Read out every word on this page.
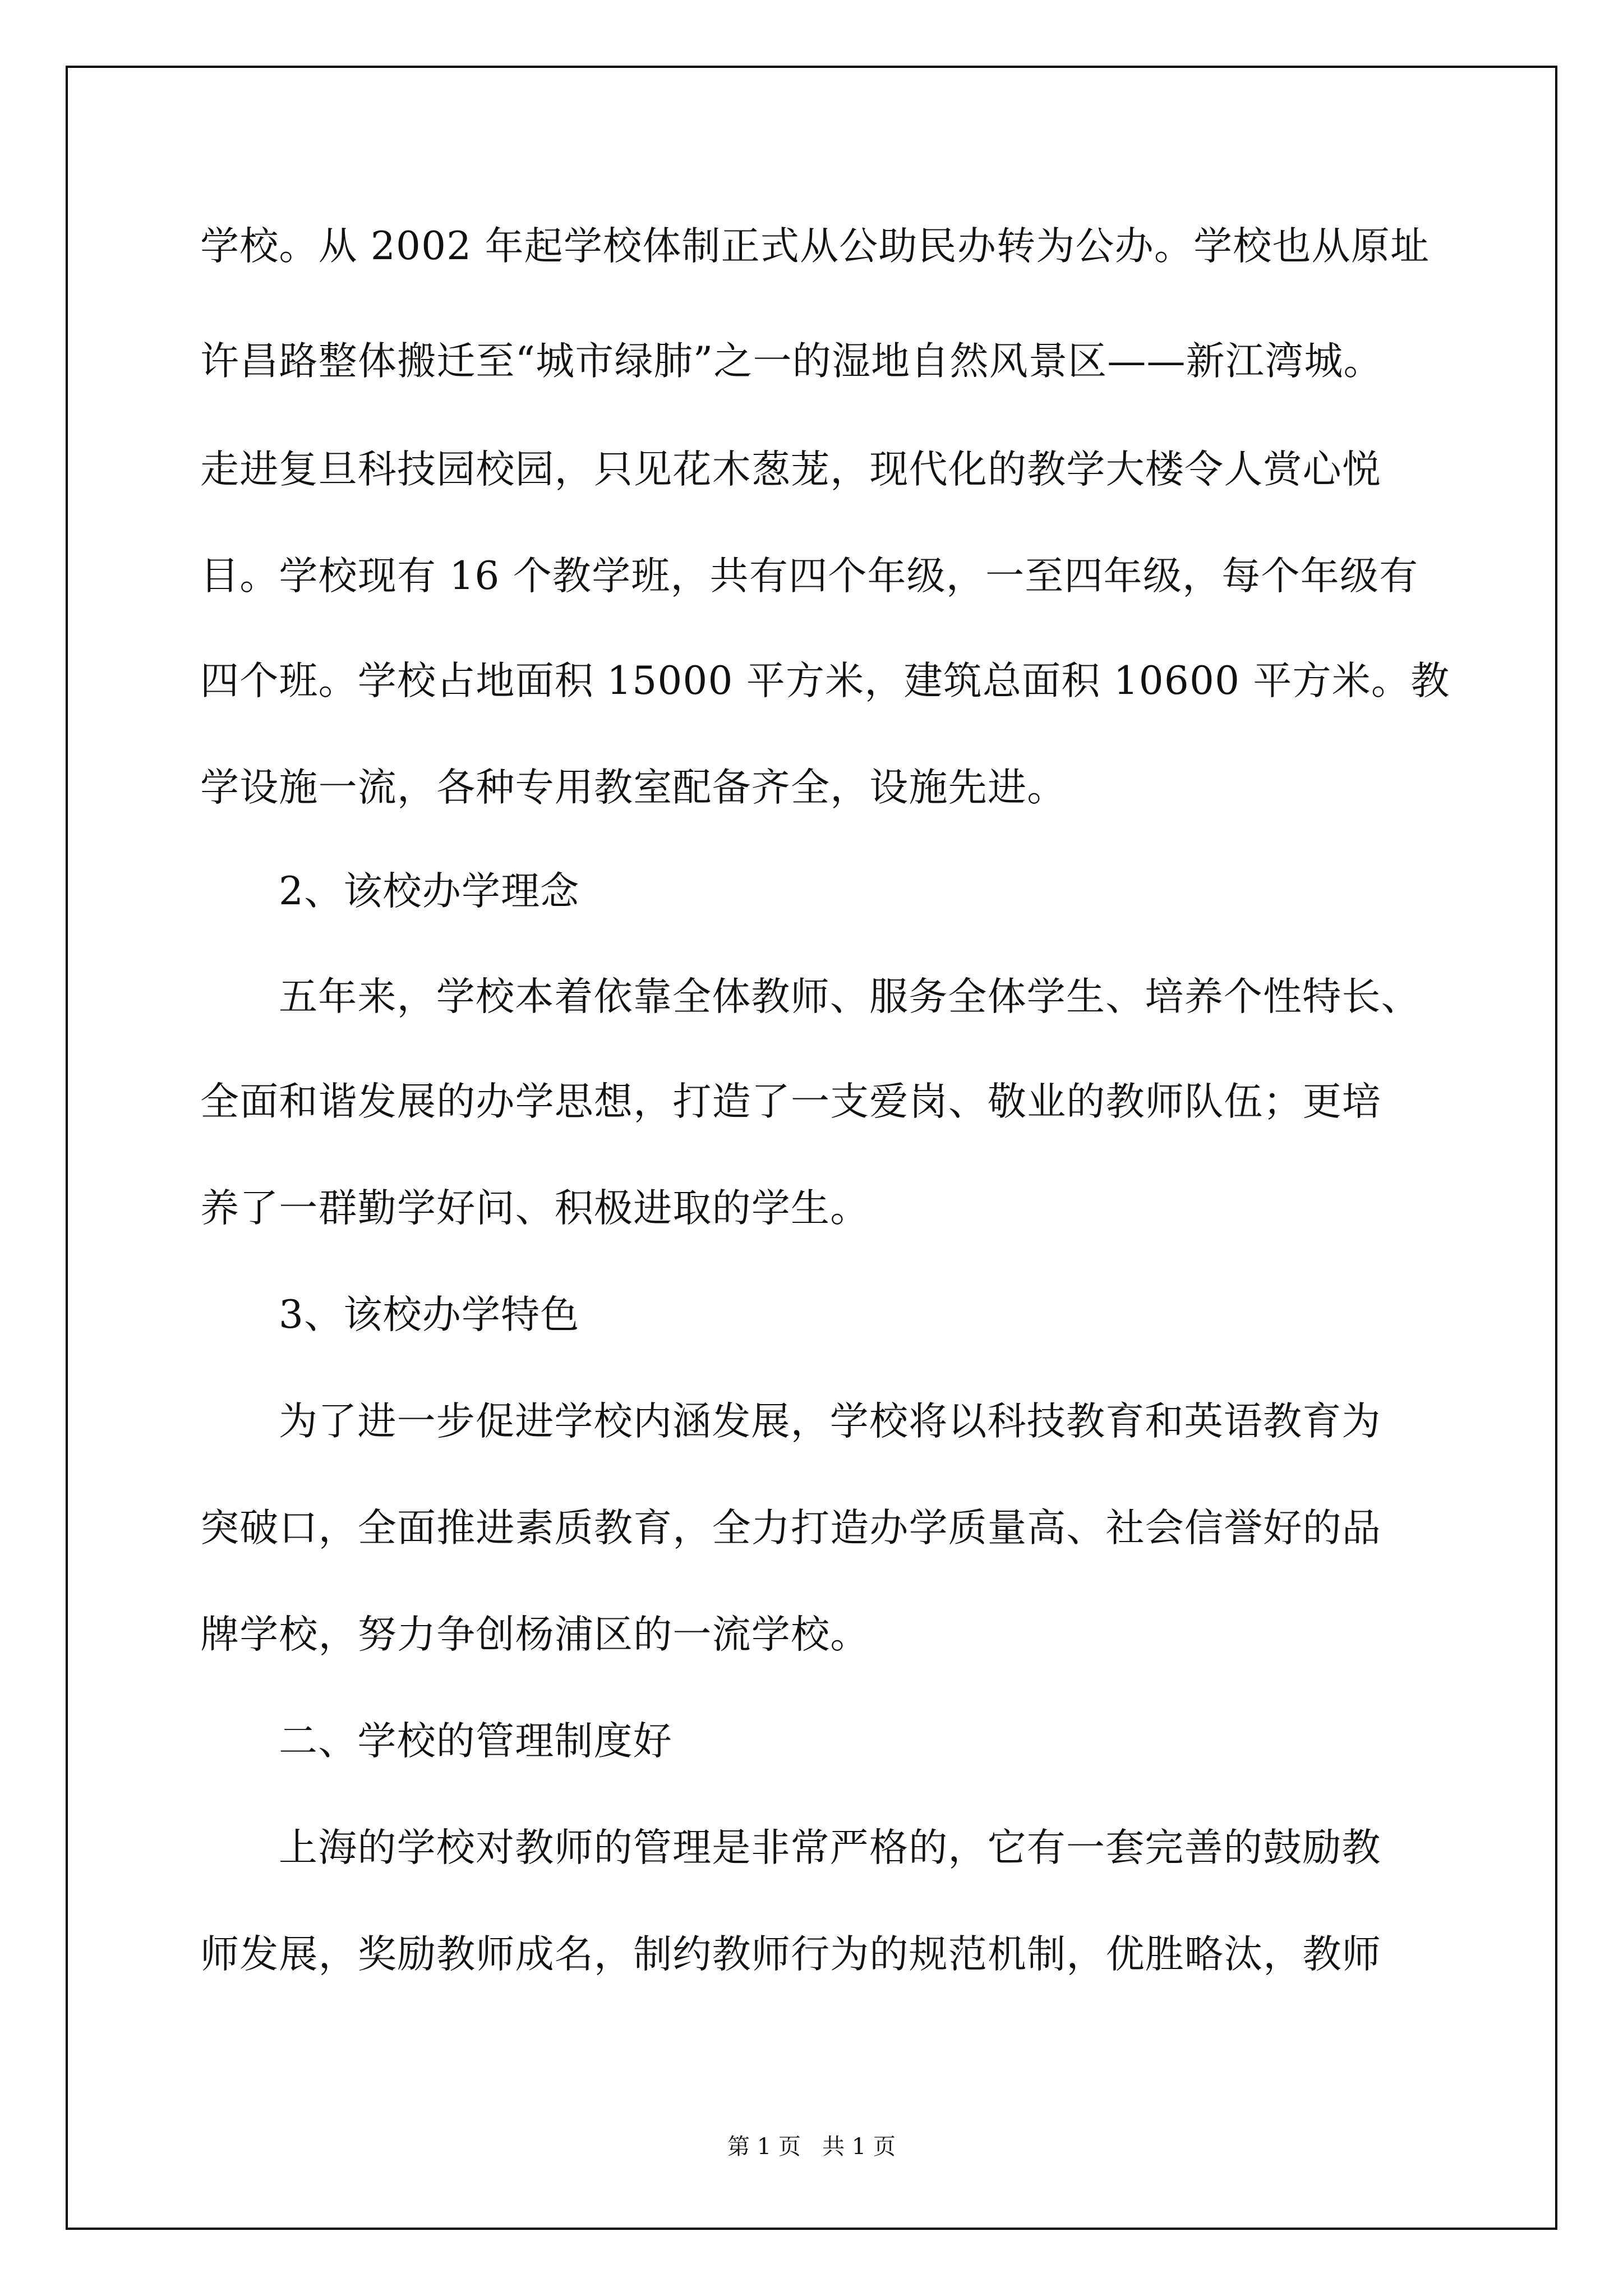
学校。从 2002 年起学校体制正式从公助民办转为公办。学校也从原址
许昌路整体搬迁至“城市绿肺”之一的湿地自然风景区——新江湾城。
走进复旦科技园校园，只见花木葱茏，现代化的教学大楼令人赏心悦
目。学校现有 16 个教学班，共有四个年级，一至四年级，每个年级有
四个班。学校占地面积 15000 平方米，建筑总面积 10600 平方米。教
学设施一流，各种专用教室配备齐全，设施先进。
2、该校办学理念
五年来，学校本着依靠全体教师、服务全体学生、培养个性特长、
全面和谐发展的办学思想，打造了一支爱岗、敬业的教师队伍；更培
养了一群勤学好问、积极进取的学生。
3、该校办学特色
为了进一步促进学校内涵发展，学校将以科技教育和英语教育为
突破口，全面推进素质教育，全力打造办学质量高、社会信誉好的品
牌学校，努力争创杨浦区的一流学校。
二、学校的管理制度好
上海的学校对教师的管理是非常严格的，它有一套完善的鼓励教
师发展，奖励教师成名，制约教师行为的规范机制，优胜略汰，教师
第 1 页   共 1 页
